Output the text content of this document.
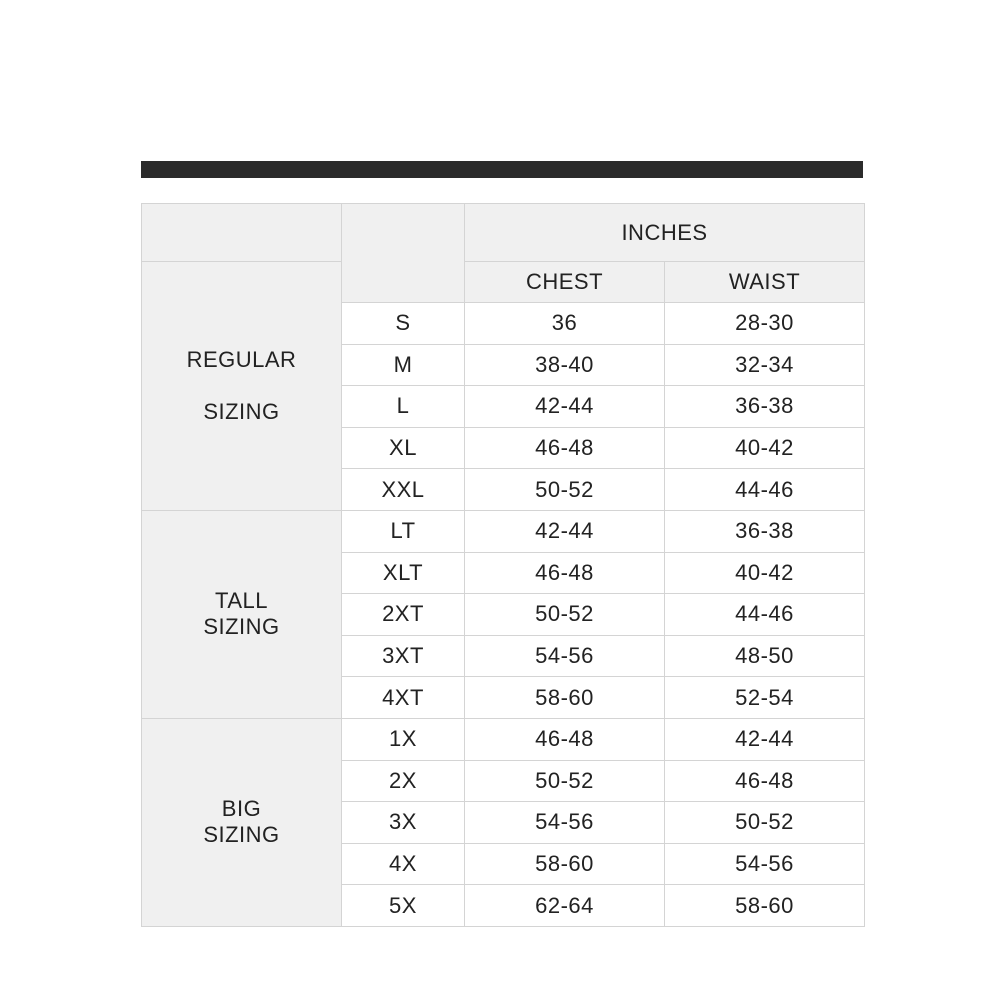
		INCHES	

REGULAR

SIZING		CHEST	WAIST
	S	36	28-30
	M	38-40	32-34
	L	42-44	36-38
	XL	46-48	40-42
	XXL	50-52	44-46

TALL
SIZING	LT	42-44	36-38
	XLT	46-48	40-42
	2XT	50-52	44-46
	3XT	54-56	48-50
	4XT	58-60	52-54

BIG
SIZING	1X	46-48	42-44
	2X	50-52	46-48
	3X	54-56	50-52
	4X	58-60	54-56
	5X	62-64	58-60
